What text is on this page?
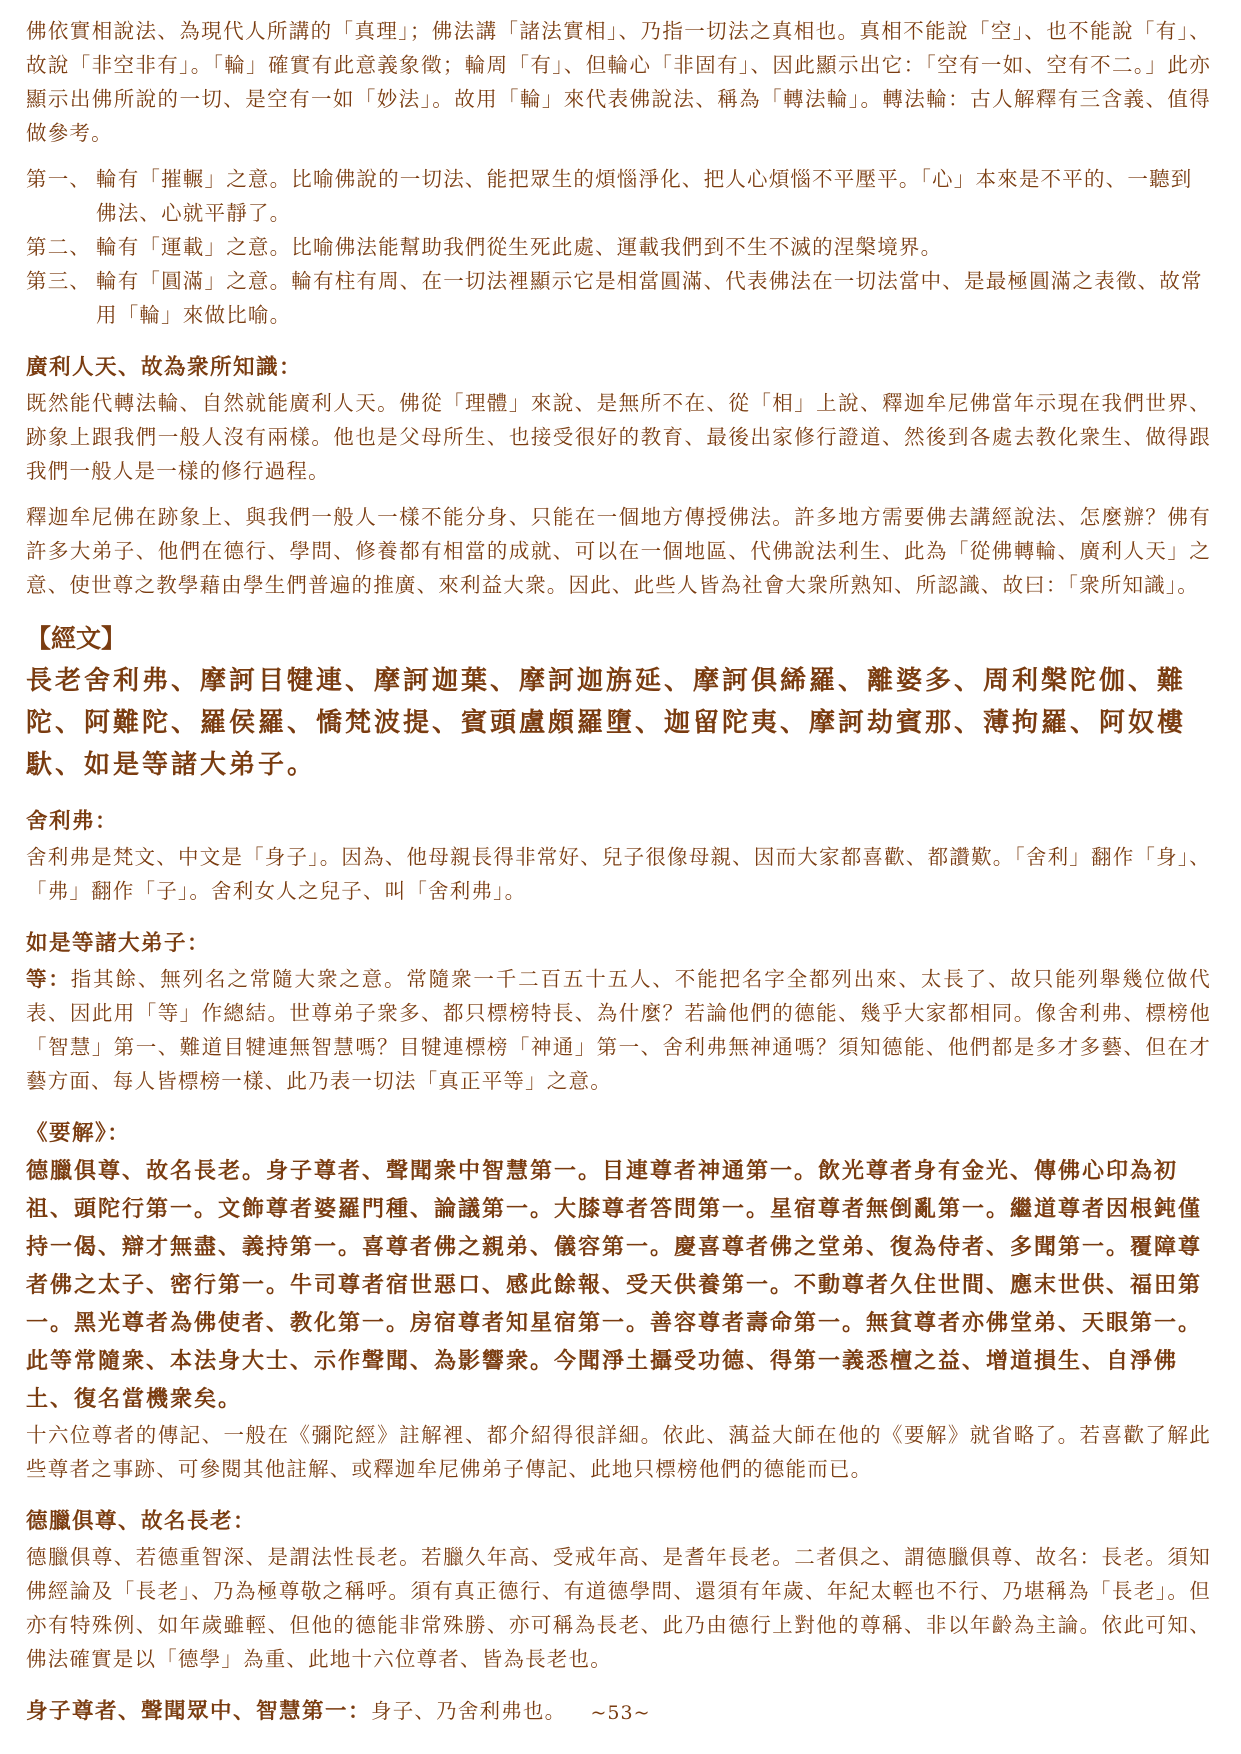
佛依實相說法、為現代人所講的「真理」；佛法講「諸法實相」、乃指一切法之真相也。真相不能說「空」、也不能說「有」、故說「非空非有」。「輪」確實有此意義象徵；輪周「有」、但輪心「非固有」、因此顯示出它：「空有一如、空有不二。」此亦顯示出佛所說的一切、是空有一如「妙法」。故用「輪」來代表佛說法、稱為「轉法輪」。轉法輪：古人解釋有三含義、值得做參考。

第一、 輪有「摧輾」之意。比喻佛說的一切法、能把眾生的煩惱淨化、把人心煩惱不平壓平。「心」本來是不平的、一聽到佛法、心就平靜了。
第二、 輪有「運載」之意。比喻佛法能幫助我們從生死此處、運載我們到不生不滅的涅槃境界。
第三、 輪有「圓滿」之意。輪有柱有周、在一切法裡顯示它是相當圓滿、代表佛法在一切法當中、是最極圓滿之表徵、故常用「輪」來做比喻。

廣利人天、故為衆所知識：

既然能代轉法輪、自然就能廣利人天。佛從「理體」來說、是無所不在、從「相」上說、釋迦牟尼佛當年示現在我們世界、跡象上跟我們一般人沒有兩樣。他也是父母所生、也接受很好的教育、最後出家修行證道、然後到各處去教化衆生、做得跟我們一般人是一樣的修行過程。

釋迦牟尼佛在跡象上、與我們一般人一樣不能分身、只能在一個地方傳授佛法。許多地方需要佛去講經說法、怎麼辦？佛有許多大弟子、他們在德行、學問、修養都有相當的成就、可以在一個地區、代佛說法利生、此為「從佛轉輪、廣利人天」之意、使世尊之教學藉由學生們普遍的推廣、來利益大衆。因此、此些人皆為社會大衆所熟知、所認識、故曰：「衆所知識」。

【經文】

長老舍利弗、摩訶目犍連、摩訶迦葉、摩訶迦旃延、摩訶俱絺羅、離婆多、周利槃陀伽、難陀、阿難陀、羅侯羅、憍梵波提、賓頭盧頗羅墮、迦留陀夷、摩訶劫賓那、薄拘羅、阿奴樓馱、如是等諸大弟子。

舍利弗：

舍利弗是梵文、中文是「身子」。因為、他母親長得非常好、兒子很像母親、因而大家都喜歡、都讚歎。「舍利」翻作「身」、「弗」翻作「子」。舍利女人之兒子、叫「舍利弗」。

如是等諸大弟子：

等：指其餘、無列名之常隨大衆之意。常隨衆一千二百五十五人、不能把名字全都列出來、太長了、故只能列舉幾位做代表、因此用「等」作總結。世尊弟子衆多、都只標榜特長、為什麼？若論他們的德能、幾乎大家都相同。像舍利弗、標榜他「智慧」第一、難道目犍連無智慧嗎？目犍連標榜「神通」第一、舍利弗無神通嗎？須知德能、他們都是多才多藝、但在才藝方面、每人皆標榜一樣、此乃表一切法「真正平等」之意。

《要解》：

德臘俱尊、故名長老。身子尊者、聲聞衆中智慧第一。目連尊者神通第一。飲光尊者身有金光、傳佛心印為初祖、頭陀行第一。文飾尊者婆羅門種、論議第一。大膝尊者答問第一。星宿尊者無倒亂第一。繼道尊者因根鈍僅持一偈、辯才無盡、義持第一。喜尊者佛之親弟、儀容第一。慶喜尊者佛之堂弟、復為侍者、多聞第一。覆障尊者佛之太子、密行第一。牛司尊者宿世惡口、感此餘報、受天供養第一。不動尊者久住世間、應末世供、福田第一。黑光尊者為佛使者、教化第一。房宿尊者知星宿第一。善容尊者壽命第一。無貧尊者亦佛堂弟、天眼第一。此等常隨衆、本法身大士、示作聲聞、為影響衆。今聞淨土攝受功德、得第一義悉檀之益、增道損生、自淨佛土、復名當機衆矣。

十六位尊者的傳記、一般在《彌陀經》註解裡、都介紹得很詳細。依此、蕅益大師在他的《要解》就省略了。若喜歡了解此些尊者之事跡、可參閱其他註解、或釋迦牟尼佛弟子傳記、此地只標榜他們的德能而已。

德臘俱尊、故名長老：

德臘俱尊、若德重智深、是謂法性長老。若臘久年高、受戒年高、是耆年長老。二者俱之、謂德臘俱尊、故名：長老。須知佛經論及「長老」、乃為極尊敬之稱呼。須有真正德行、有道德學問、還須有年歲、年紀太輕也不行、乃堪稱為「長老」。但亦有特殊例、如年歲雖輕、但他的德能非常殊勝、亦可稱為長老、此乃由德行上對他的尊稱、非以年齡為主論。依此可知、佛法確實是以「德學」為重、此地十六位尊者、皆為長老也。

身子尊者、聲聞眾中、智慧第一：身子、乃舍利弗也。	~53~
